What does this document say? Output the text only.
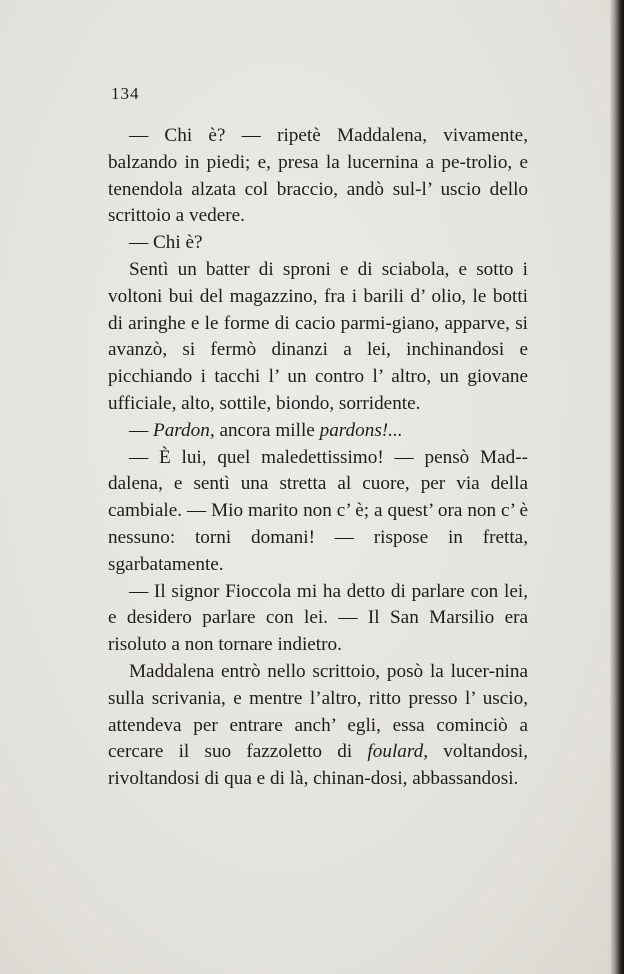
134

— Chi è? — ripetè Maddalena, vivamente, balzando in piedi; e, presa la lucernina a pe-trolio, e tenendola alzata col braccio, andò sul-l’ uscio dello scrittoio a vedere.

— Chi è?

Sentì un batter di sproni e di sciabola, e sotto i voltoni bui del magazzino, fra i barili d’ olio, le botti di aringhe e le forme di cacio parmi-giano, apparve, si avanzò, si fermò dinanzi a lei, inchinandosi e picchiando i tacchi l’ un contro l’ altro, un giovane ufficiale, alto, sottile, biondo, sorridente.

— Pardon, ancora mille pardons!...

— È lui, quel maledettissimo! — pensò Mad-dalena, e sentì una stretta al cuore, per via della cambiale. — Mio marito non c’ è; a quest’ ora non c’ è nessuno: torni domani! — rispose in fretta, sgarbatamente.

— Il signor Fioccola mi ha detto di parlare con lei, e desidero parlare con lei. — Il San Marsilio era risoluto a non tornare indietro.

Maddalena entrò nello scrittoio, posò la lucer-nina sulla scrivania, e mentre l’altro, ritto presso l’ uscio, attendeva per entrare anch’ egli, essa cominciò a cercare il suo fazzoletto di foulard, voltandosi, rivoltandosi di qua e di là, chinan-dosi, abbassandosi.
